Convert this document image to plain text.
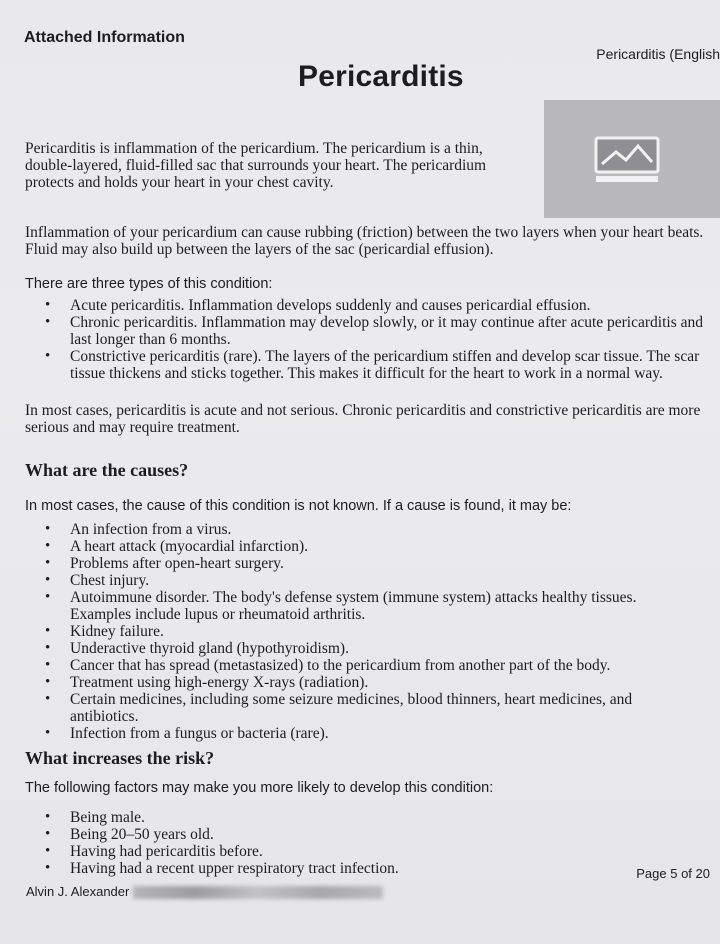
Attached Information
Pericarditis (English
Pericarditis
Pericarditis is inflammation of the pericardium. The pericardium is a thin, double-layered, fluid-filled sac that surrounds your heart. The pericardium protects and holds your heart in your chest cavity.
Inflammation of your pericardium can cause rubbing (friction) between the two layers when your heart beats. Fluid may also build up between the layers of the sac (pericardial effusion).
There are three types of this condition:
• Acute pericarditis. Inflammation develops suddenly and causes pericardial effusion.
• Chronic pericarditis. Inflammation may develop slowly, or it may continue after acute pericarditis and last longer than 6 months.
• Constrictive pericarditis (rare). The layers of the pericardium stiffen and develop scar tissue. The scar tissue thickens and sticks together. This makes it difficult for the heart to work in a normal way.
In most cases, pericarditis is acute and not serious. Chronic pericarditis and constrictive pericarditis are more serious and may require treatment.
What are the causes?
In most cases, the cause of this condition is not known. If a cause is found, it may be:
• An infection from a virus.
• A heart attack (myocardial infarction).
• Problems after open-heart surgery.
• Chest injury.
• Autoimmune disorder. The body's defense system (immune system) attacks healthy tissues. Examples include lupus or rheumatoid arthritis.
• Kidney failure.
• Underactive thyroid gland (hypothyroidism).
• Cancer that has spread (metastasized) to the pericardium from another part of the body.
• Treatment using high-energy X-rays (radiation).
• Certain medicines, including some seizure medicines, blood thinners, heart medicines, and antibiotics.
• Infection from a fungus or bacteria (rare).
What increases the risk?
The following factors may make you more likely to develop this condition:
• Being male.
• Being 20–50 years old.
• Having had pericarditis before.
• Having had a recent upper respiratory tract infection.
Alvin J. Alexander
Page 5 of 20
